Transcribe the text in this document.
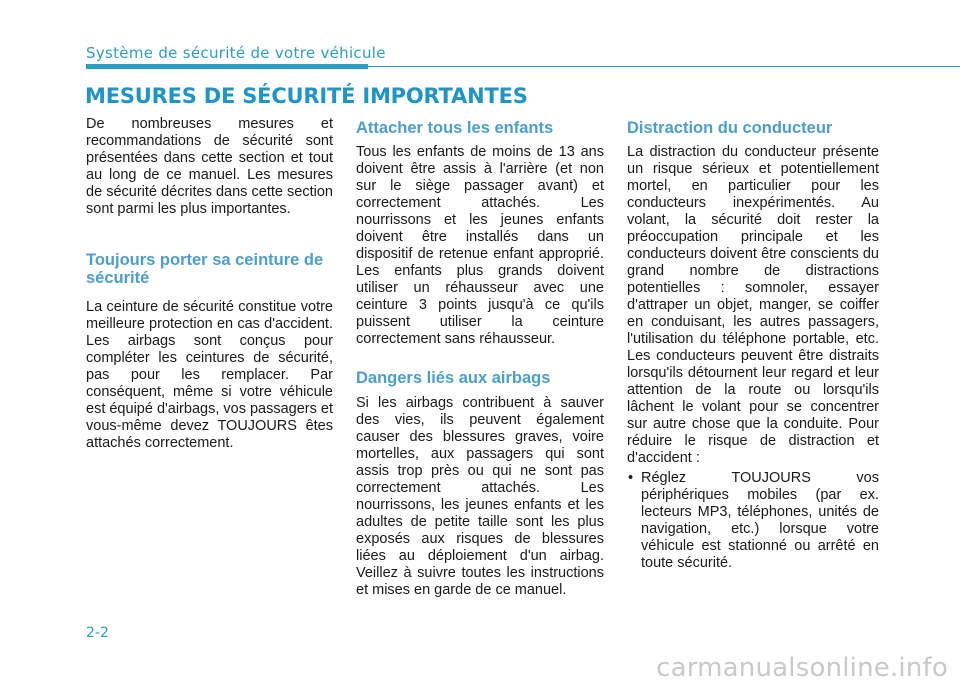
Système de sécurité de votre véhicule
MESURES DE SÉCURITÉ IMPORTANTES

De nombreuses mesures et recommandations de sécurité sont présentées dans cette section et tout au long de ce manuel. Les mesures de sécurité décrites dans cette section sont parmi les plus importantes.

Toujours porter sa ceinture de sécurité

La ceinture de sécurité constitue votre meilleure protection en cas d'accident. Les airbags sont conçus pour compléter les ceintures de sécurité, pas pour les remplacer. Par conséquent, même si votre véhicule est équipé d'airbags, vos passagers et vous-même devez TOUJOURS êtes attachés correctement.

Attacher tous les enfants

Tous les enfants de moins de 13 ans doivent être assis à l'arrière (et non sur le siège passager avant) et correctement attachés. Les nourrissons et les jeunes enfants doivent être installés dans un dispositif de retenue enfant approprié. Les enfants plus grands doivent utiliser un réhausseur avec une ceinture 3 points jusqu'à ce qu'ils puissent utiliser la ceinture correctement sans réhausseur.

Dangers liés aux airbags

Si les airbags contribuent à sauver des vies, ils peuvent également causer des blessures graves, voire mortelles, aux passagers qui sont assis trop près ou qui ne sont pas correctement attachés. Les nourrissons, les jeunes enfants et les adultes de petite taille sont les plus exposés aux risques de blessures liées au déploiement d'un airbag. Veillez à suivre toutes les instructions et mises en garde de ce manuel.

Distraction du conducteur

La distraction du conducteur présente un risque sérieux et potentiellement mortel, en particulier pour les conducteurs inexpérimentés. Au volant, la sécurité doit rester la préoccupation principale et les conducteurs doivent être conscients du grand nombre de distractions potentielles : somnoler, essayer d'attraper un objet, manger, se coiffer en conduisant, les autres passagers, l'utilisation du téléphone portable, etc. Les conducteurs peuvent être distraits lorsqu'ils détournent leur regard et leur attention de la route ou lorsqu'ils lâchent le volant pour se concentrer sur autre chose que la conduite. Pour réduire le risque de distraction et d'accident :

• Réglez TOUJOURS vos périphériques mobiles (par ex. lecteurs MP3, téléphones, unités de navigation, etc.) lorsque votre véhicule est stationné ou arrêté en toute sécurité.
2-2
carmanualsonline.info
